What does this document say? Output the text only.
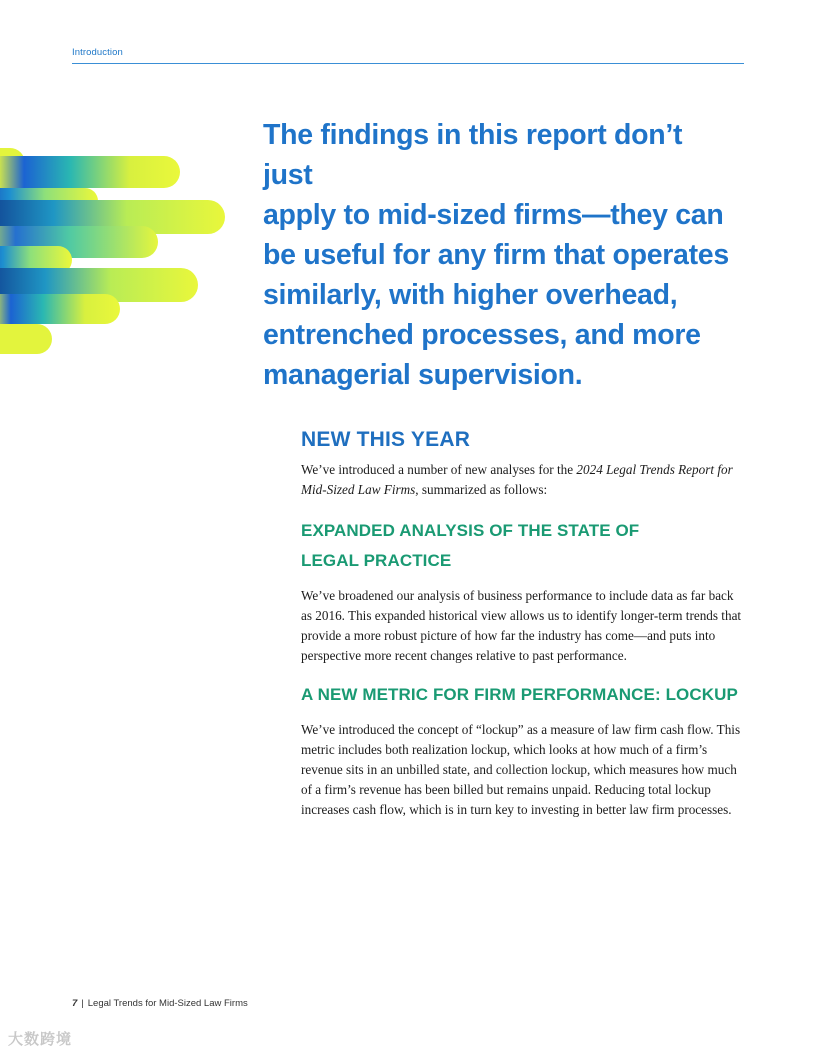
Introduction
The findings in this report don’t just
apply to mid-sized firms—they can
be useful for any firm that operates
similarly, with higher overhead,
entrenched processes, and more
managerial supervision.
NEW THIS YEAR

We’ve introduced a number of new analyses for the 2024 Legal Trends Report for Mid-Sized Law Firms, summarized as follows:

EXPANDED ANALYSIS OF THE STATE OF
LEGAL PRACTICE

We’ve broadened our analysis of business performance to include data as far back as 2016. This expanded historical view allows us to identify longer-term trends that provide a more robust picture of how far the industry has come—and puts into perspective more recent changes relative to past performance.

A NEW METRIC FOR FIRM PERFORMANCE: LOCKUP

We’ve introduced the concept of “lockup” as a measure of law firm cash flow. This metric includes both realization lockup, which looks at how much of a firm’s revenue sits in an unbilled state, and collection lockup, which measures how much of a firm’s revenue has been billed but remains unpaid. Reducing total lockup increases cash flow, which is in turn key to investing in better law firm processes.

7 | Legal Trends for Mid-Sized Law Firms
大数跨境
